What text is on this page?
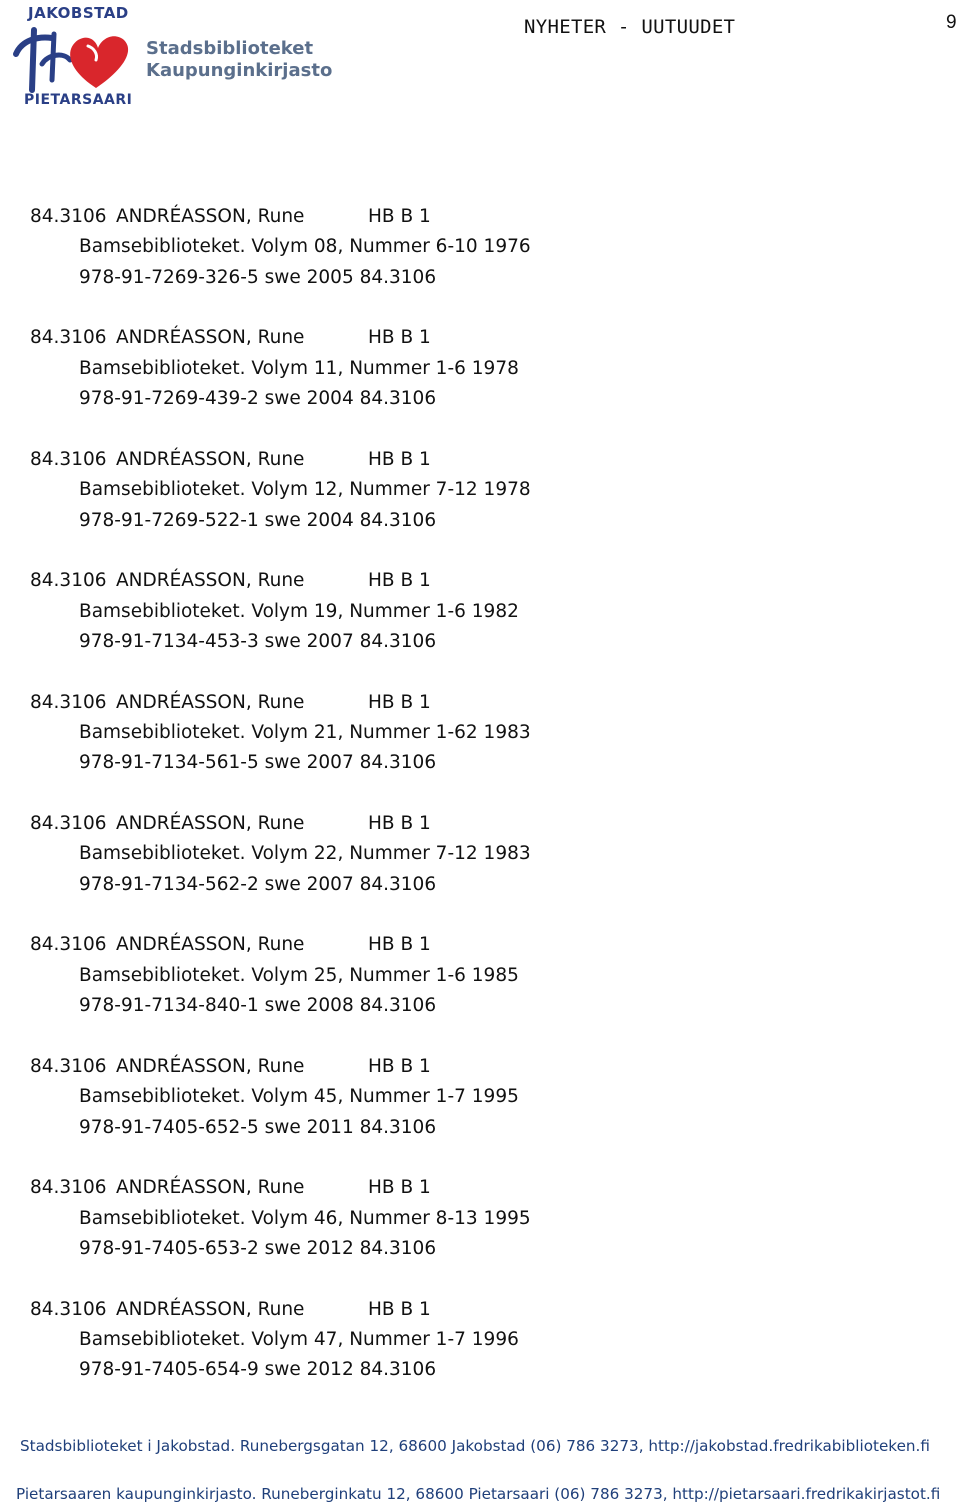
JAKOBSTAD
Stadsbiblioteket
Kaupunginkirjasto
PIETARSAARI
NYHETER - UUTUUDET	9
84.3106 ANDRÉASSON, Rune	HB B 1
Bamsebiblioteket. Volym 08, Nummer 6-10 1976
978-91-7269-326-5 swe 2005 84.3106
84.3106 ANDRÉASSON, Rune	HB B 1
Bamsebiblioteket. Volym 11, Nummer 1-6 1978
978-91-7269-439-2 swe 2004 84.3106
84.3106 ANDRÉASSON, Rune	HB B 1
Bamsebiblioteket. Volym 12, Nummer 7-12 1978
978-91-7269-522-1 swe 2004 84.3106
84.3106 ANDRÉASSON, Rune	HB B 1
Bamsebiblioteket. Volym 19, Nummer 1-6 1982
978-91-7134-453-3 swe 2007 84.3106
84.3106 ANDRÉASSON, Rune	HB B 1
Bamsebiblioteket. Volym 21, Nummer 1-62 1983
978-91-7134-561-5 swe 2007 84.3106
84.3106 ANDRÉASSON, Rune	HB B 1
Bamsebiblioteket. Volym 22, Nummer 7-12 1983
978-91-7134-562-2 swe 2007 84.3106
84.3106 ANDRÉASSON, Rune	HB B 1
Bamsebiblioteket. Volym 25, Nummer 1-6 1985
978-91-7134-840-1 swe 2008 84.3106
84.3106 ANDRÉASSON, Rune	HB B 1
Bamsebiblioteket. Volym 45, Nummer 1-7 1995
978-91-7405-652-5 swe 2011 84.3106
84.3106 ANDRÉASSON, Rune	HB B 1
Bamsebiblioteket. Volym 46, Nummer 8-13 1995
978-91-7405-653-2 swe 2012 84.3106
84.3106 ANDRÉASSON, Rune	HB B 1
Bamsebiblioteket. Volym 47, Nummer 1-7 1996
978-91-7405-654-9 swe 2012 84.3106
Stadsbiblioteket i Jakobstad. Runebergsgatan 12, 68600 Jakobstad (06) 786 3273, http://jakobstad.fredrikabiblioteken.fi
Pietarsaaren kaupunginkirjasto. Runeberginkatu 12, 68600 Pietarsaari (06) 786 3273, http://pietarsaari.fredrikakirjastot.fi
